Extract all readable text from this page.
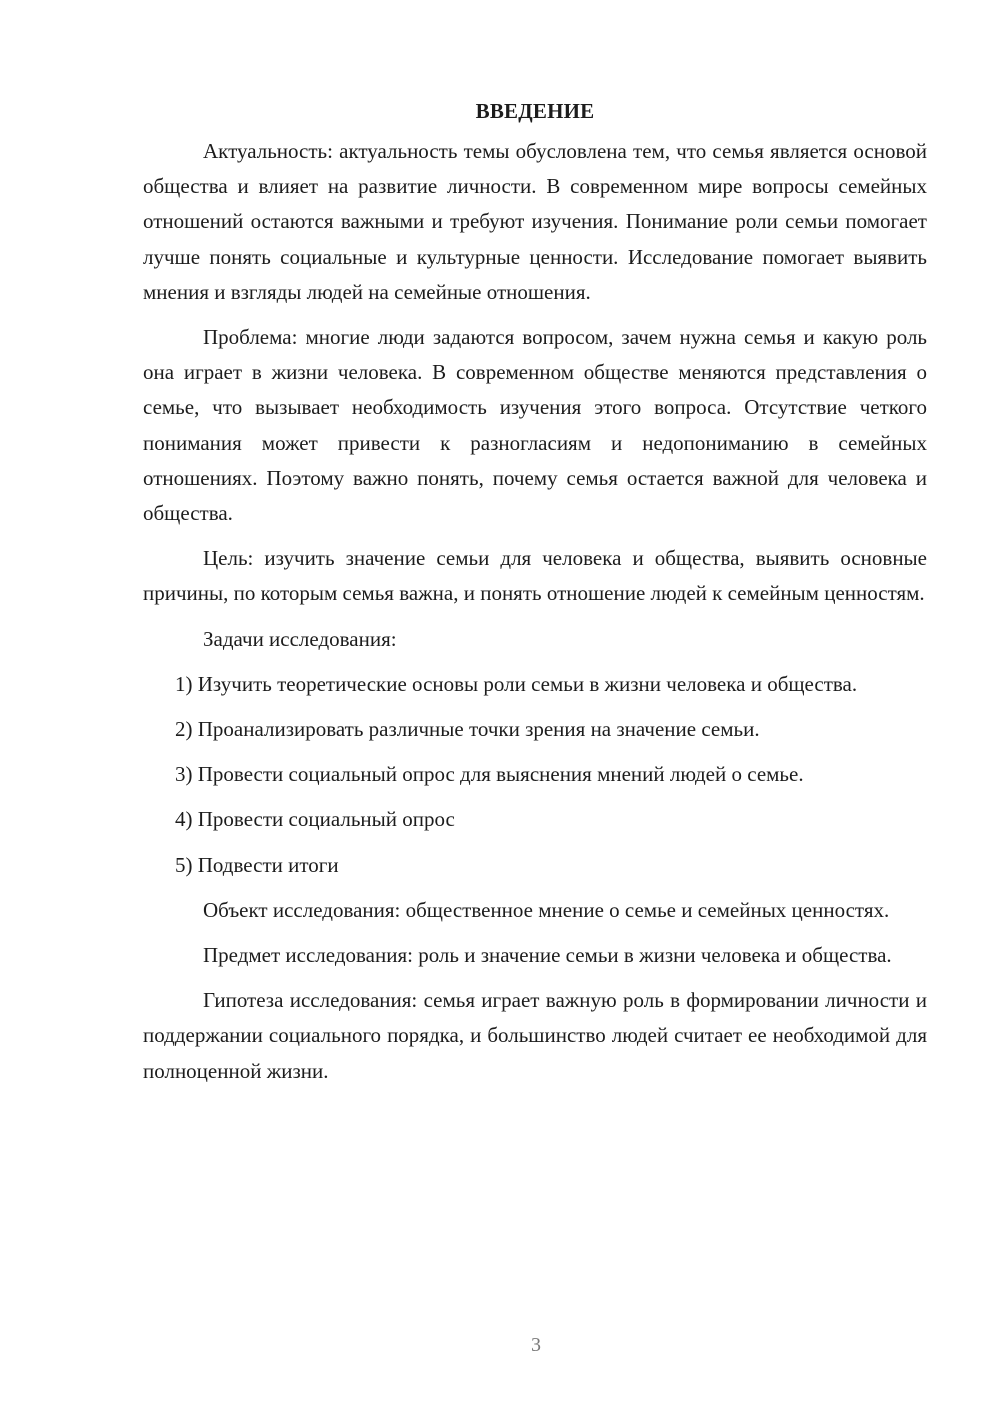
ВВЕДЕНИЕ

Актуальность: актуальность темы обусловлена тем, что семья является основой общества и влияет на развитие личности. В современном мире вопросы семейных отношений остаются важными и требуют изучения. Понимание роли семьи помогает лучше понять социальные и культурные ценности. Исследование помогает выявить мнения и взгляды людей на семейные отношения.

Проблема: многие люди задаются вопросом, зачем нужна семья и какую роль она играет в жизни человека. В современном обществе меняются представления о семье, что вызывает необходимость изучения этого вопроса. Отсутствие четкого понимания может привести к разногласиям и недопониманию в семейных отношениях. Поэтому важно понять, почему семья остается важной для человека и общества.

Цель: изучить значение семьи для человека и общества, выявить основные причины, по которым семья важна, и понять отношение людей к семейным ценностям.

Задачи исследования:

1) Изучить теоретические основы роли семьи в жизни человека и общества.

2) Проанализировать различные точки зрения на значение семьи.

3) Провести социальный опрос для выяснения мнений людей о семье.

4) Провести социальный опрос

5) Подвести итоги

Объект исследования: общественное мнение о семье и семейных ценностях.

Предмет исследования: роль и значение семьи в жизни человека и общества.

Гипотеза исследования: семья играет важную роль в формировании личности и поддержании социального порядка, и большинство людей считает ее необходимой для полноценной жизни.

3
